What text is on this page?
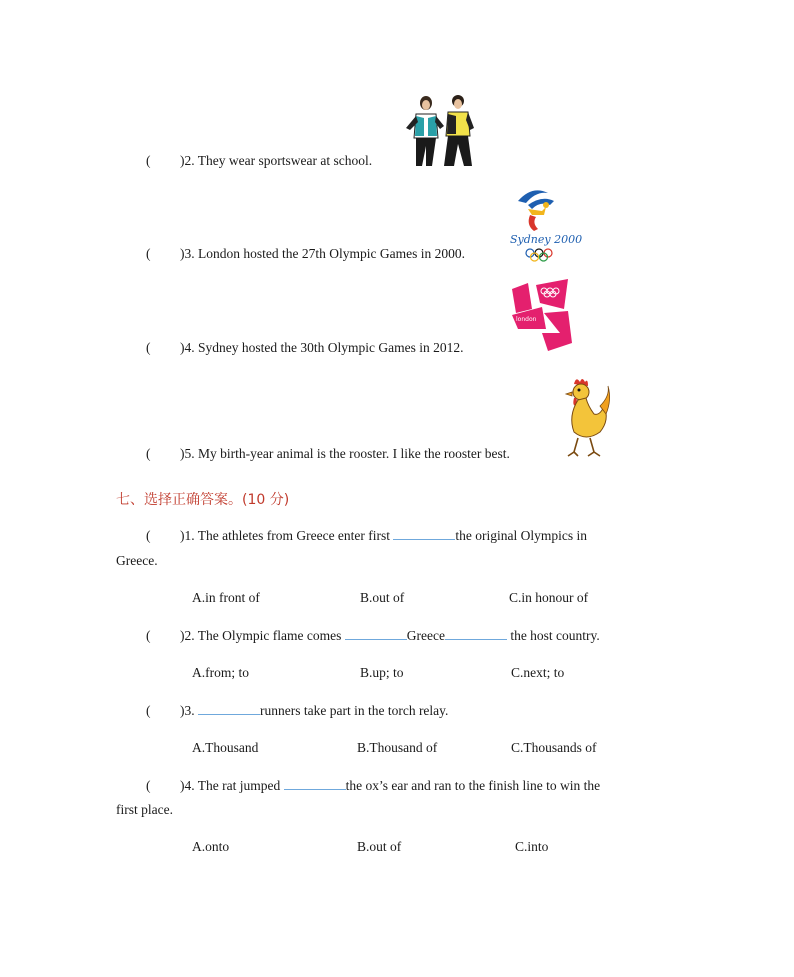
( )2. They wear sportswear at school.
( )3. London hosted the 27th Olympic Games in 2000.
Sydney 2000
( )4. Sydney hosted the 30th Olympic Games in 2012.
london
( )5. My birth-year animal is the rooster. I like the rooster best.
七、选择正确答案。(10 分)
( )1. The athletes from Greece enter first	the original Olympics in
Greece.
A.in front of	B.out of	C.in honour of
( )2. The Olympic flame comes	Greece	the host country.
A.from; to	B.up; to	C.next; to
( )3.	runners take part in the torch relay.
A.Thousand	B.Thousand of	C.Thousands of
( )4. The rat jumped	the ox’s ear and ran to the finish line to win the
first place.
A.onto	B.out of	C.into
